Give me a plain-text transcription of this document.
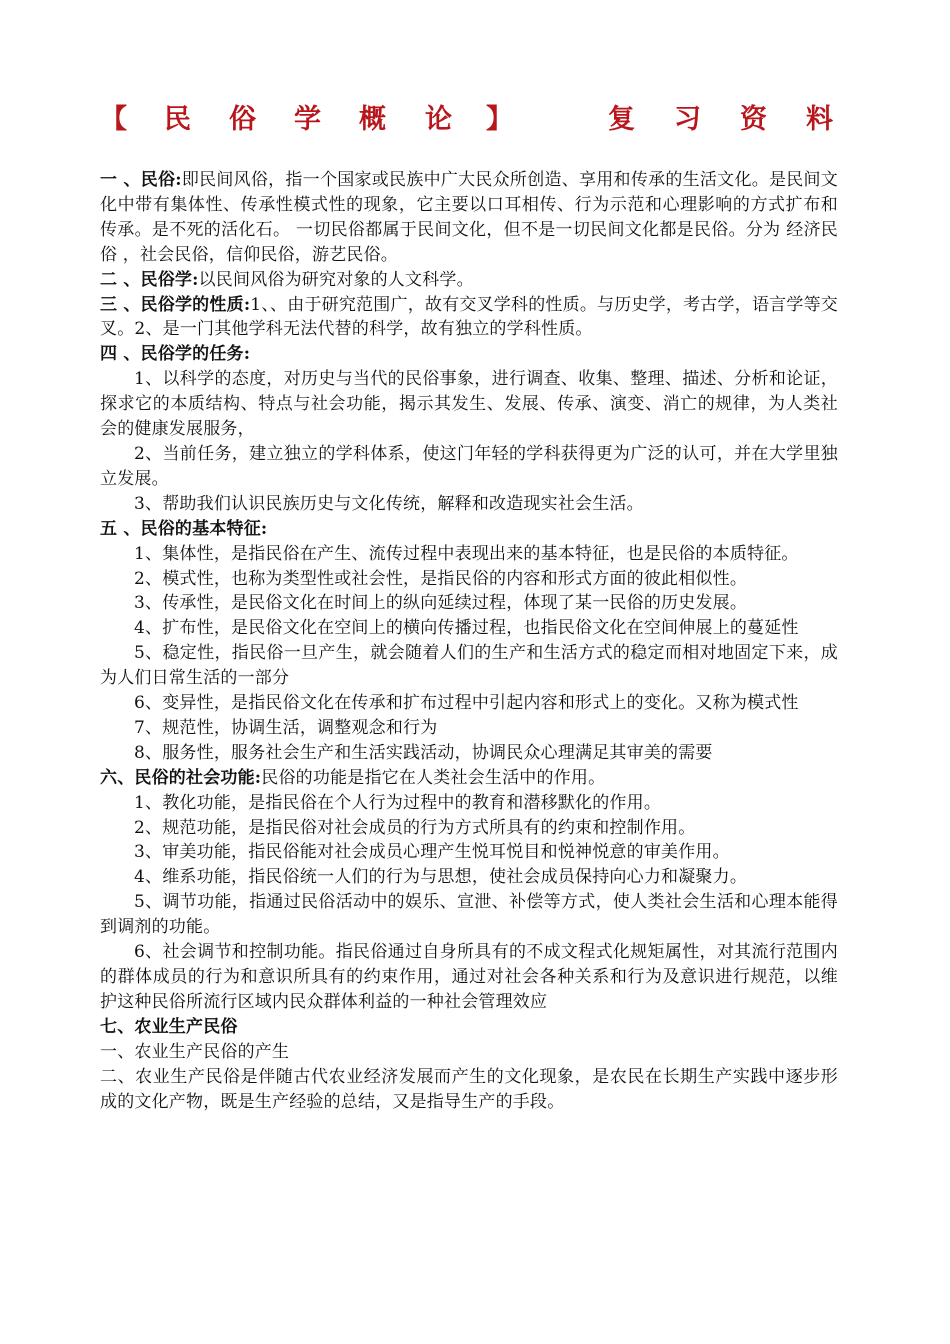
【 民 俗 学 概 论 】	复 习 资 料

一 、民俗:即民间风俗，指一个国家或民族中广大民众所创造、享用和传承的生活文化。是民间文化中带有集体性、传承性模式性的现象，它主要以口耳相传、行为示范和心理影响的方式扩布和传承。是不死的活化石。 一切民俗都属于民间文化，但不是一切民间文化都是民俗。分为 经济民俗 ，社会民俗，信仰民俗，游艺民俗。

二 、民俗学:以民间风俗为研究对象的人文科学。

三 、民俗学的性质:1、、由于研究范围广，故有交叉学科的性质。与历史学，考古学，语言学等交叉。2、是一门其他学科无法代替的科学，故有独立的学科性质。

四 、民俗学的任务:

1、以科学的态度，对历史与当代的民俗事象，进行调查、收集、整理、描述、分析和论证，探求它的本质结构、特点与社会功能，揭示其发生、发展、传承、演变、消亡的规律，为人类社会的健康发展服务，

2、当前任务，建立独立的学科体系，使这门年轻的学科获得更为广泛的认可，并在大学里独立发展。

3、帮助我们认识民族历史与文化传统，解释和改造现实社会生活。

五 、民俗的基本特征:

1、集体性，是指民俗在产生、流传过程中表现出来的基本特征，也是民俗的本质特征。

2、模式性，也称为类型性或社会性，是指民俗的内容和形式方面的彼此相似性。

3、传承性，是民俗文化在时间上的纵向延续过程，体现了某一民俗的历史发展。

4、扩布性，是民俗文化在空间上的横向传播过程，也指民俗文化在空间伸展上的蔓延性

5、稳定性，指民俗一旦产生，就会随着人们的生产和生活方式的稳定而相对地固定下来，成为人们日常生活的一部分

6、变异性，是指民俗文化在传承和扩布过程中引起内容和形式上的变化。又称为模式性

7、规范性，协调生活，调整观念和行为

8、服务性，服务社会生产和生活实践活动，协调民众心理满足其审美的需要

六、民俗的社会功能:民俗的功能是指它在人类社会生活中的作用。

1、教化功能，是指民俗在个人行为过程中的教育和潜移默化的作用。

2、规范功能，是指民俗对社会成员的行为方式所具有的约束和控制作用。

3、审美功能，指民俗能对社会成员心理产生悦耳悦目和悦神悦意的审美作用。

4、维系功能，指民俗统一人们的行为与思想，使社会成员保持向心力和凝聚力。

5、调节功能，指通过民俗活动中的娱乐、宣泄、补偿等方式，使人类社会生活和心理本能得到调剂的功能。

6、社会调节和控制功能。指民俗通过自身所具有的不成文程式化规矩属性，对其流行范围内的群体成员的行为和意识所具有的约束作用，通过对社会各种关系和行为及意识进行规范，以维护这种民俗所流行区域内民众群体利益的一种社会管理效应

七、农业生产民俗

一、农业生产民俗的产生

二、农业生产民俗是伴随古代农业经济发展而产生的文化现象，是农民在长期生产实践中逐步形成的文化产物，既是生产经验的总结，又是指导生产的手段。
